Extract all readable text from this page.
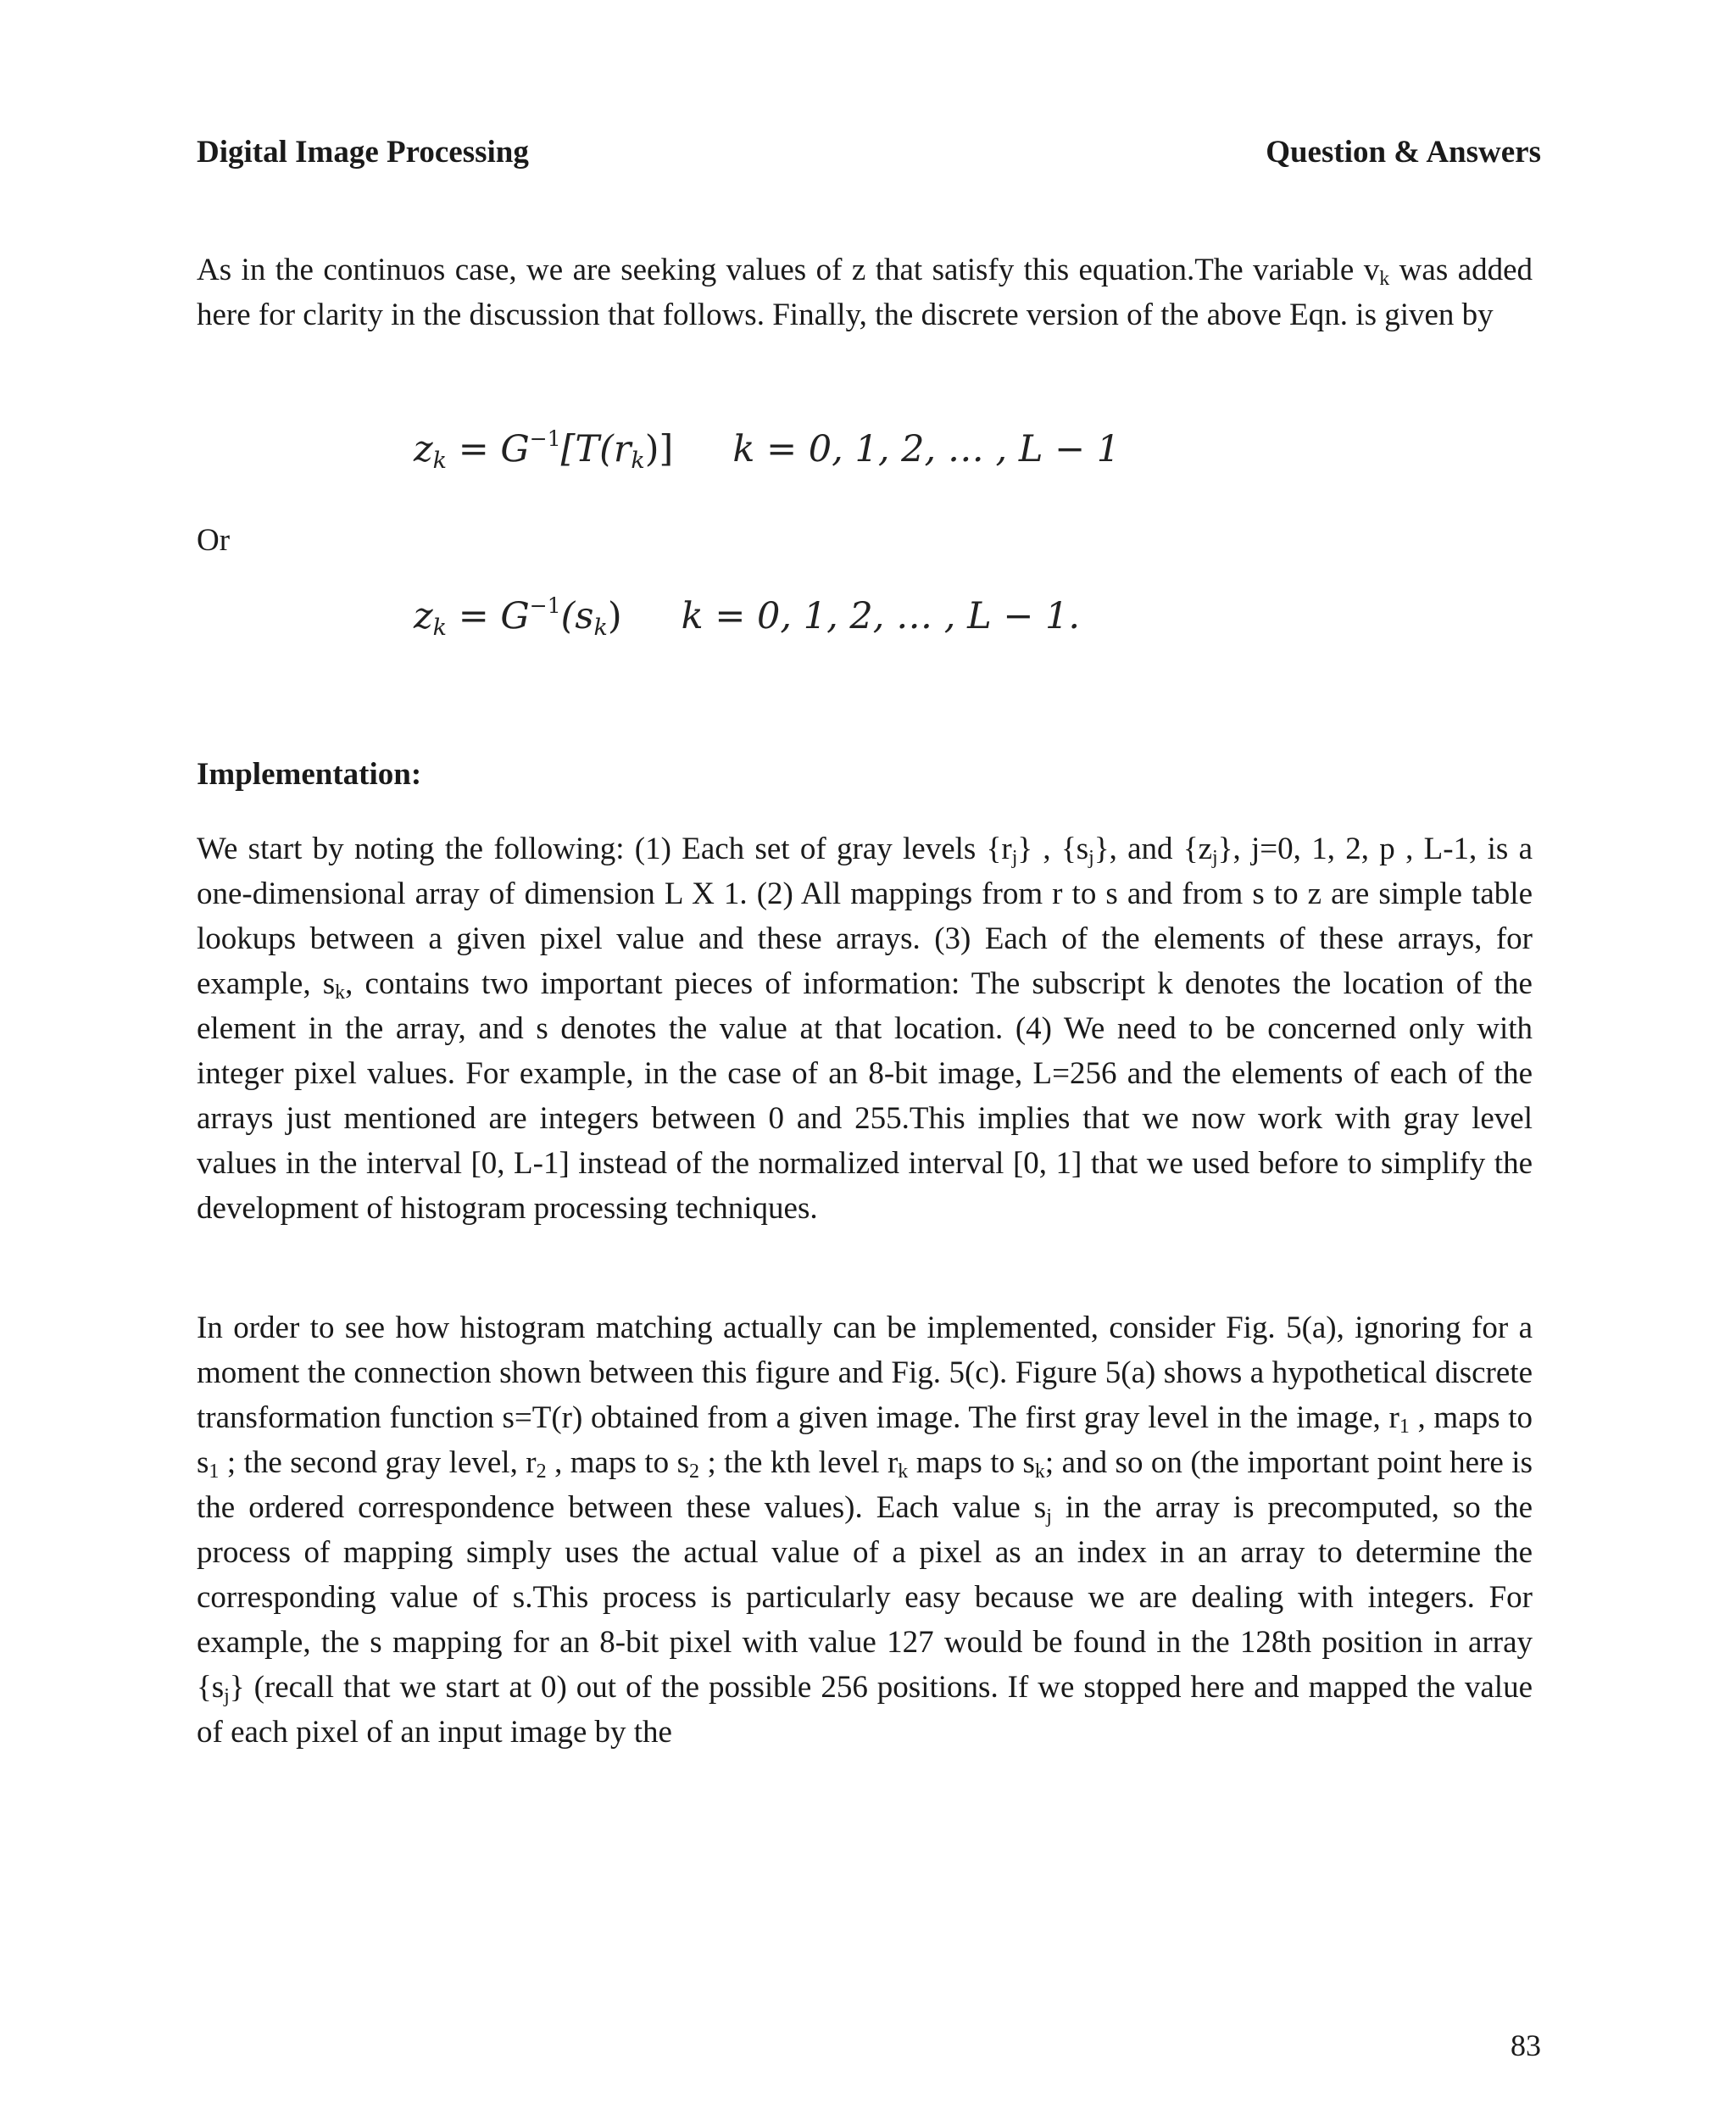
Digital Image Processing	Question & Answers

As in the continuos case, we are seeking values of z that satisfy this equation.The variable $v_k$ was added here for clarity in the discussion that follows. Finally, the discrete version of the above Eqn. is given by

$z_k = G^{-1}[T(r_k)] k = 0$, 1, 2, … , L − 1
Or
$z_k = G^{-1}(s_k) k = 0$, 1, 2, … , L − 1.
Implementation:

We start by noting the following: (1) Each set of gray levels $\{r_j\}$ , $\{s_j\}$, and $\{z_j\}$, j=0, 1, 2, p , L-1, is a one-dimensional array of dimension L X 1. (2) All mappings from r to s and from s to z are simple table lookups between a given pixel value and these arrays. (3) Each of the elements of these arrays, for example, $s_k$, contains two important pieces of information: The subscript k denotes the location of the element in the array, and s denotes the value at that location. (4) We need to be concerned only with integer pixel values. For example, in the case of an 8-bit image, L=256 and the elements of each of the arrays just mentioned are integers between 0 and 255.This implies that we now work with gray level values in the interval [0, L-1] instead of the normalized interval [0, 1] that we used before to simplify the development of histogram processing techniques.

In order to see how histogram matching actually can be implemented, consider Fig. 5(a), ignoring for a moment the connection shown between this figure and Fig. 5(c). Figure 5(a) shows a hypothetical discrete transformation function s=T(r) obtained from a given image. The first gray level in the image, $r_1$ , maps to $s_1$ ; the second gray level, $r_2$ , maps to $s_2$ ; the kth level $r_k$ maps to $s_k$; and so on (the important point here is the ordered correspondence between these values). Each value $s_j$ in the array is precomputed, so the process of mapping simply uses the actual value of a pixel as an index in an array to determine the corresponding value of s.This process is particularly easy because we are dealing with integers. For example, the s mapping for an 8-bit pixel with value 127 would be found in the 128th position in array $\{s_j\}$ (recall that we start at 0) out of the possible 256 positions. If we stopped here and mapped the value of each pixel of an input image by the

83
